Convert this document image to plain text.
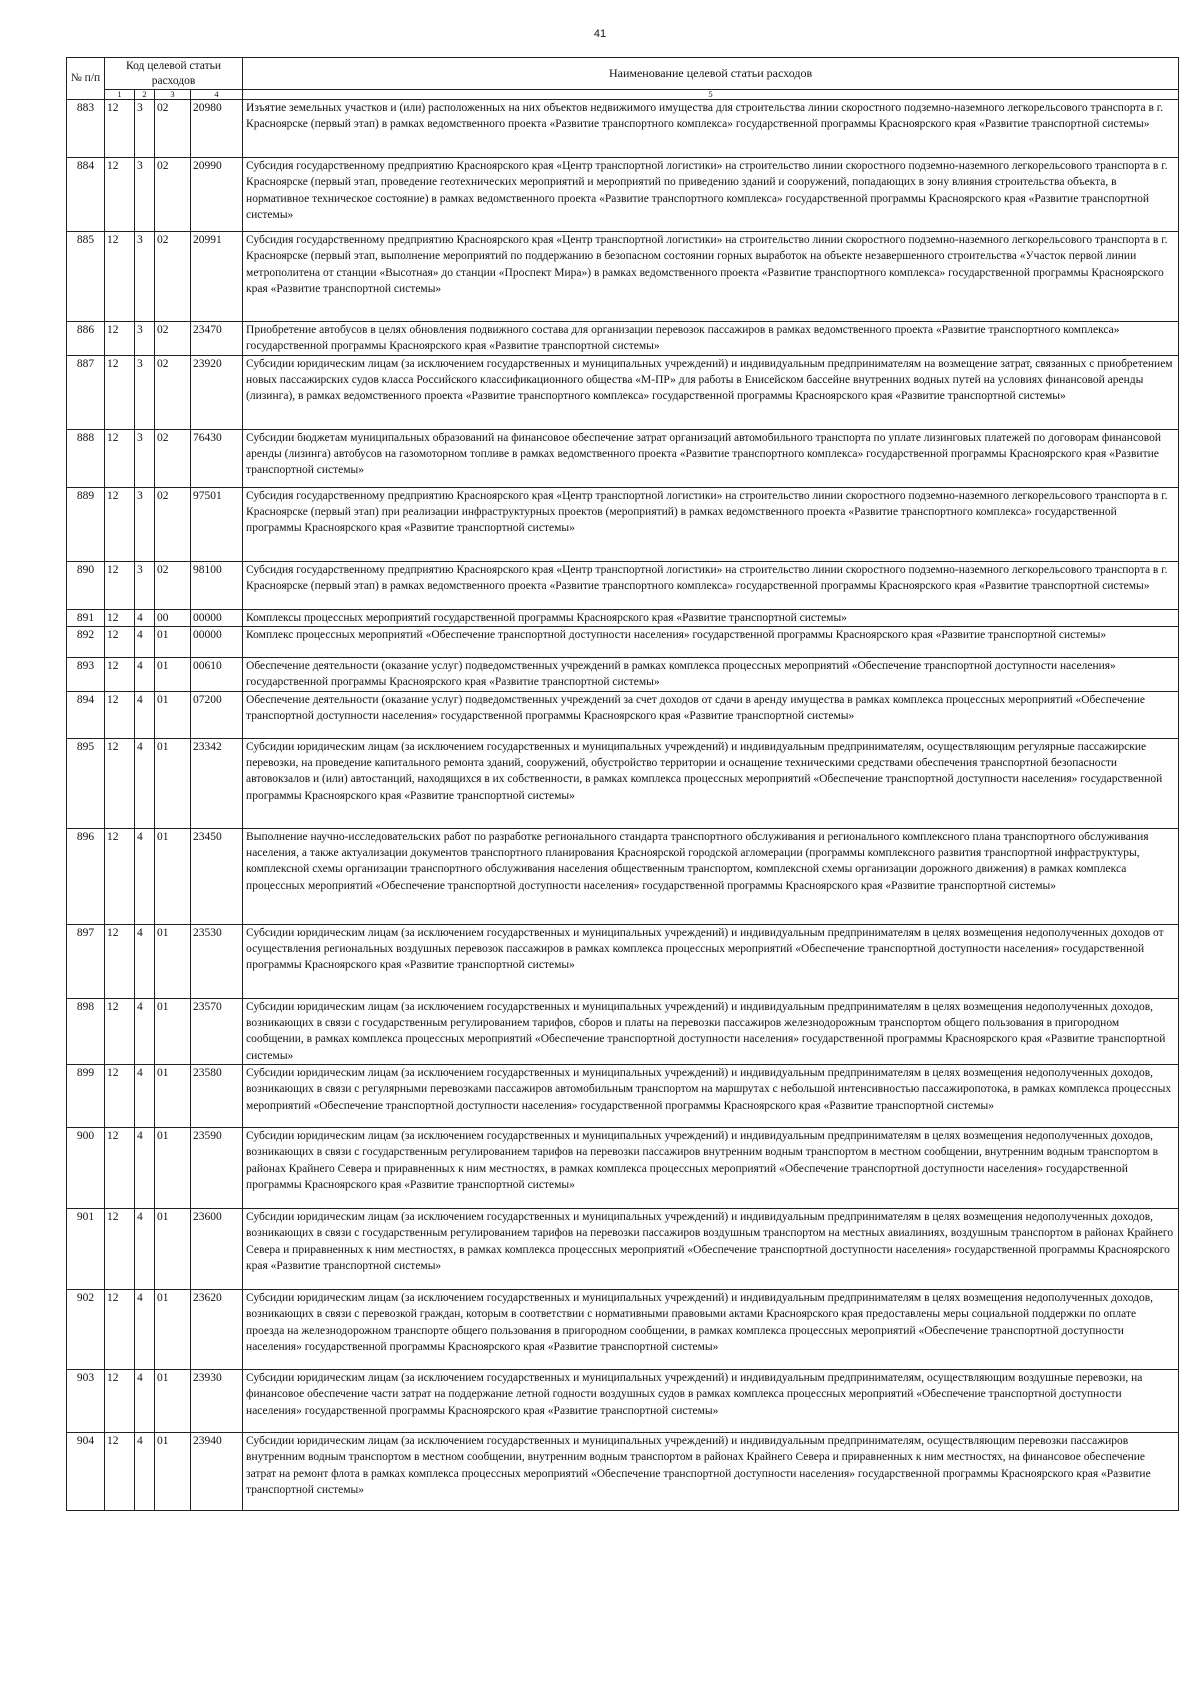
41
№ п/п	Код целевой статьи расходов				Наименование целевой статьи расходов
	1	2	3	4	5
883	12	3	02	20980	Изъятие земельных участков и (или) расположенных на них объектов недвижимого имущества для строительства линии скоростного подземно-наземного легкорельсового транспорта в г. Красноярске (первый этап) в рамках ведомственного проекта «Развитие транспортного комплекса» государственной программы Красноярского края «Развитие транспортной системы»
884	12	3	02	20990	Субсидия государственному предприятию Красноярского края «Центр транспортной логистики» на строительство линии скоростного подземно-наземного легкорельсового транспорта в г. Красноярске (первый этап, проведение геотехнических мероприятий и мероприятий по приведению зданий и сооружений, попадающих в зону влияния строительства объекта, в нормативное техническое состояние) в рамках ведомственного проекта «Развитие транспортного комплекса» государственной программы Красноярского края «Развитие транспортной системы»
885	12	3	02	20991	Субсидия государственному предприятию Красноярского края «Центр транспортной логистики» на строительство линии скоростного подземно-наземного легкорельсового транспорта в г. Красноярске (первый этап, выполнение мероприятий по поддержанию в безопасном состоянии горных выработок на объекте незавершенного строительства «Участок первой линии метрополитена от станции «Высотная» до станции «Проспект Мира») в рамках ведомственного проекта «Развитие транспортного комплекса» государственной программы Красноярского края «Развитие транспортной системы»
886	12	3	02	23470	Приобретение автобусов в целях обновления подвижного состава для организации перевозок пассажиров в рамках ведомственного проекта «Развитие транспортного комплекса» государственной программы Красноярского края «Развитие транспортной системы»
887	12	3	02	23920	Субсидии юридическим лицам (за исключением государственных и муниципальных учреждений) и индивидуальным предпринимателям на возмещение затрат, связанных с приобретением новых пассажирских судов класса Российского классификационного общества «М-ПР» для работы в Енисейском бассейне внутренних водных путей на условиях финансовой аренды (лизинга), в рамках ведомственного проекта «Развитие транспортного комплекса» государственной программы Красноярского края «Развитие транспортной системы»
888	12	3	02	76430	Субсидии бюджетам муниципальных образований на финансовое обеспечение затрат организаций автомобильного транспорта по уплате лизинговых платежей по договорам финансовой аренды (лизинга) автобусов на газомоторном топливе в рамках ведомственного проекта «Развитие транспортного комплекса» государственной программы Красноярского края «Развитие транспортной системы»
889	12	3	02	97501	Субсидия государственному предприятию Красноярского края «Центр транспортной логистики» на строительство линии скоростного подземно-наземного легкорельсового транспорта в г. Красноярске (первый этап) при реализации инфраструктурных проектов (мероприятий) в рамках ведомственного проекта «Развитие транспортного комплекса» государственной программы Красноярского края «Развитие транспортной системы»
890	12	3	02	98100	Субсидия государственному предприятию Красноярского края «Центр транспортной логистики» на строительство линии скоростного подземно-наземного легкорельсового транспорта в г. Красноярске (первый этап) в рамках ведомственного проекта «Развитие транспортного комплекса» государственной программы Красноярского края «Развитие транспортной системы»
891	12	4	00	00000	Комплексы процессных мероприятий государственной программы Красноярского края «Развитие транспортной системы»
892	12	4	01	00000	Комплекс процессных мероприятий «Обеспечение транспортной доступности населения» государственной программы Красноярского края «Развитие транспортной системы»
893	12	4	01	00610	Обеспечение деятельности (оказание услуг) подведомственных учреждений в рамках комплекса процессных мероприятий «Обеспечение транспортной доступности населения» государственной программы Красноярского края «Развитие транспортной системы»
894	12	4	01	07200	Обеспечение деятельности (оказание услуг) подведомственных учреждений за счет доходов от сдачи в аренду имущества в рамках комплекса процессных мероприятий «Обеспечение транспортной доступности населения» государственной программы Красноярского края «Развитие транспортной системы»
895	12	4	01	23342	Субсидии юридическим лицам (за исключением государственных и муниципальных учреждений) и индивидуальным предпринимателям, осуществляющим регулярные пассажирские перевозки, на проведение капитального ремонта зданий, сооружений, обустройство территории и оснащение техническими средствами обеспечения транспортной безопасности автовокзалов и (или) автостанций, находящихся в их собственности, в рамках комплекса процессных мероприятий «Обеспечение транспортной доступности населения» государственной программы Красноярского края «Развитие транспортной системы»
896	12	4	01	23450	Выполнение научно-исследовательских работ по разработке регионального стандарта транспортного обслуживания и регионального комплексного плана транспортного обслуживания населения, а также актуализации документов транспортного планирования Красноярской городской агломерации (программы комплексного развития транспортной инфраструктуры, комплексной схемы организации транспортного обслуживания населения общественным транспортом, комплексной схемы организации дорожного движения) в рамках комплекса процессных мероприятий «Обеспечение транспортной доступности населения» государственной программы Красноярского края «Развитие транспортной системы»
897	12	4	01	23530	Субсидии юридическим лицам (за исключением государственных и муниципальных учреждений) и индивидуальным предпринимателям в целях возмещения недополученных доходов от осуществления региональных воздушных перевозок пассажиров в рамках комплекса процессных мероприятий «Обеспечение транспортной доступности населения» государственной программы Красноярского края «Развитие транспортной системы»
898	12	4	01	23570	Субсидии юридическим лицам (за исключением государственных и муниципальных учреждений) и индивидуальным предпринимателям в целях возмещения недополученных доходов, возникающих в связи с государственным регулированием тарифов, сборов и платы на перевозки пассажиров железнодорожным транспортом общего пользования в пригородном сообщении, в рамках комплекса процессных мероприятий «Обеспечение транспортной доступности населения» государственной программы Красноярского края «Развитие транспортной системы»
899	12	4	01	23580	Субсидии юридическим лицам (за исключением государственных и муниципальных учреждений) и индивидуальным предпринимателям в целях возмещения недополученных доходов, возникающих в связи с регулярными перевозками пассажиров автомобильным транспортом на маршрутах с небольшой интенсивностью пассажиропотока, в рамках комплекса процессных мероприятий «Обеспечение транспортной доступности населения» государственной программы Красноярского края «Развитие транспортной системы»
900	12	4	01	23590	Субсидии юридическим лицам (за исключением государственных и муниципальных учреждений) и индивидуальным предпринимателям в целях возмещения недополученных доходов, возникающих в связи с государственным регулированием тарифов на перевозки пассажиров внутренним водным транспортом в местном сообщении, внутренним водным транспортом в районах Крайнего Севера и приравненных к ним местностях, в рамках комплекса процессных мероприятий «Обеспечение транспортной доступности населения» государственной программы Красноярского края «Развитие транспортной системы»
901	12	4	01	23600	Субсидии юридическим лицам (за исключением государственных и муниципальных учреждений) и индивидуальным предпринимателям в целях возмещения недополученных доходов, возникающих в связи с государственным регулированием тарифов на перевозки пассажиров воздушным транспортом на местных авиалиниях, воздушным транспортом в районах Крайнего Севера и приравненных к ним местностях, в рамках комплекса процессных мероприятий «Обеспечение транспортной доступности населения» государственной программы Красноярского края «Развитие транспортной системы»
902	12	4	01	23620	Субсидии юридическим лицам (за исключением государственных и муниципальных учреждений) и индивидуальным предпринимателям в целях возмещения недополученных доходов, возникающих в связи с перевозкой граждан, которым в соответствии с нормативными правовыми актами Красноярского края предоставлены меры социальной поддержки по оплате проезда на железнодорожном транспорте общего пользования в пригородном сообщении, в рамках комплекса процессных мероприятий «Обеспечение транспортной доступности населения» государственной программы Красноярского края «Развитие транспортной системы»
903	12	4	01	23930	Субсидии юридическим лицам (за исключением государственных и муниципальных учреждений) и индивидуальным предпринимателям, осуществляющим воздушные перевозки, на финансовое обеспечение части затрат на поддержание летной годности воздушных судов в рамках комплекса процессных мероприятий «Обеспечение транспортной доступности населения» государственной программы Красноярского края «Развитие транспортной системы»
904	12	4	01	23940	Субсидии юридическим лицам (за исключением государственных и муниципальных учреждений) и индивидуальным предпринимателям, осуществляющим перевозки пассажиров внутренним водным транспортом в местном сообщении, внутренним водным транспортом в районах Крайнего Севера и приравненных к ним местностях, на финансовое обеспечение затрат на ремонт флота в рамках комплекса процессных мероприятий «Обеспечение транспортной доступности населения» государственной программы Красноярского края «Развитие транспортной системы»
